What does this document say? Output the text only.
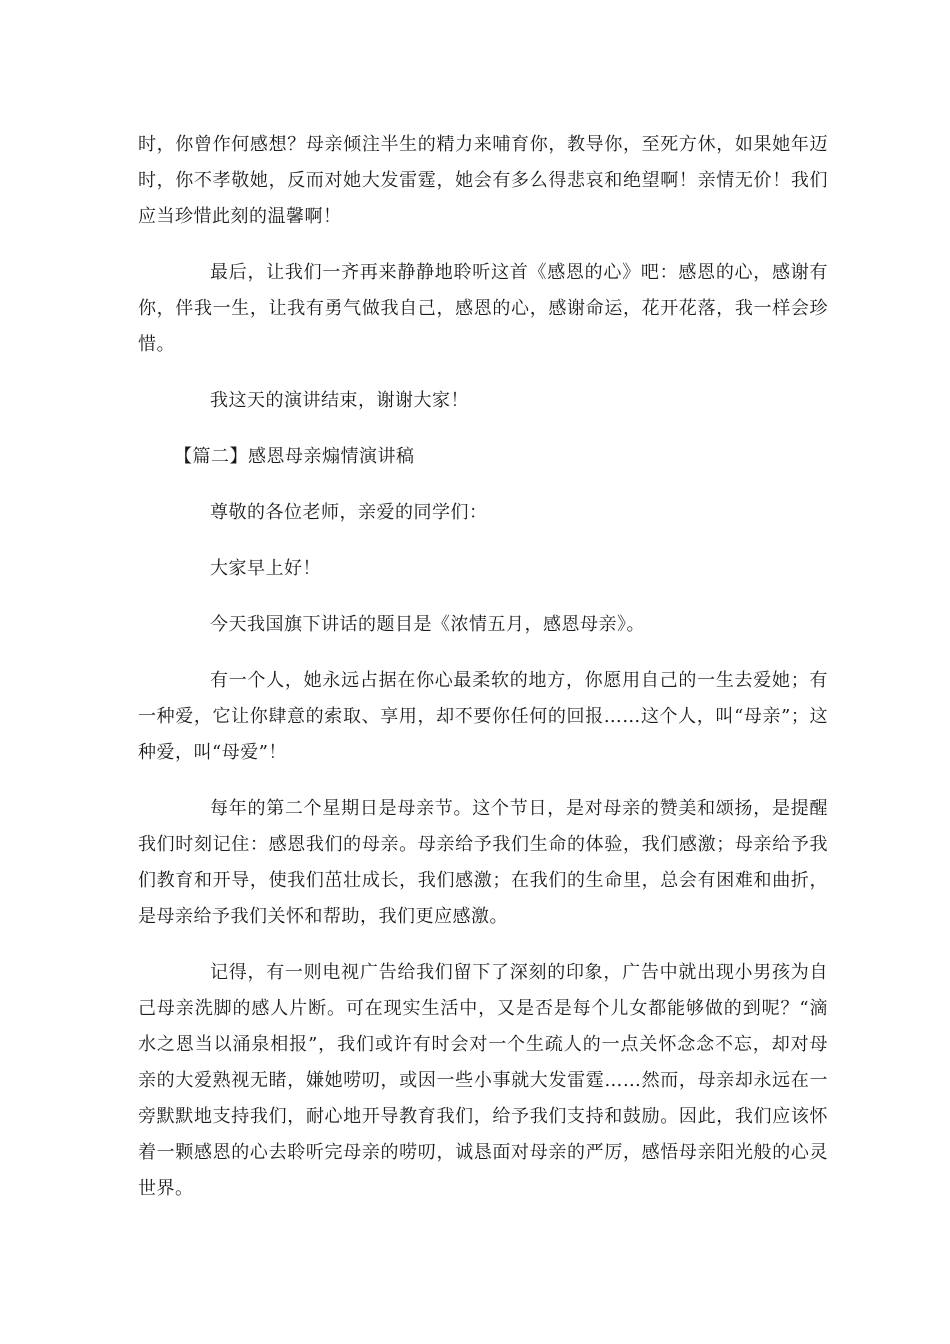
时，你曾作何感想？母亲倾注半生的精力来哺育你，教导你，至死方休，如果她年迈时，你不孝敬她，反而对她大发雷霆，她会有多么得悲哀和绝望啊！亲情无价！我们应当珍惜此刻的温馨啊！

最后，让我们一齐再来静静地聆听这首《感恩的心》吧：感恩的心，感谢有你，伴我一生，让我有勇气做我自己，感恩的心，感谢命运，花开花落，我一样会珍惜。

我这天的演讲结束，谢谢大家！

【篇二】感恩母亲煽情演讲稿

尊敬的各位老师，亲爱的同学们：

大家早上好！

今天我国旗下讲话的题目是《浓情五月，感恩母亲》。

有一个人，她永远占据在你心最柔软的地方，你愿用自己的一生去爱她；有一种爱，它让你肆意的索取、享用，却不要你任何的回报……这个人，叫“母亲”；这种爱，叫“母爱”！

每年的第二个星期日是母亲节。这个节日，是对母亲的赞美和颂扬，是提醒我们时刻记住：感恩我们的母亲。母亲给予我们生命的体验，我们感激；母亲给予我们教育和开导，使我们茁壮成长，我们感激；在我们的生命里，总会有困难和曲折，是母亲给予我们关怀和帮助，我们更应感激。

记得，有一则电视广告给我们留下了深刻的印象，广告中就出现小男孩为自己母亲洗脚的感人片断。可在现实生活中，又是否是每个儿女都能够做的到呢？“滴水之恩当以涌泉相报”，我们或许有时会对一个生疏人的一点关怀念念不忘，却对母亲的大爱熟视无睹，嫌她唠叨，或因一些小事就大发雷霆……然而，母亲却永远在一旁默默地支持我们，耐心地开导教育我们，给予我们支持和鼓励。因此，我们应该怀着一颗感恩的心去聆听完母亲的唠叨，诚恳面对母亲的严厉，感悟母亲阳光般的心灵世界。
